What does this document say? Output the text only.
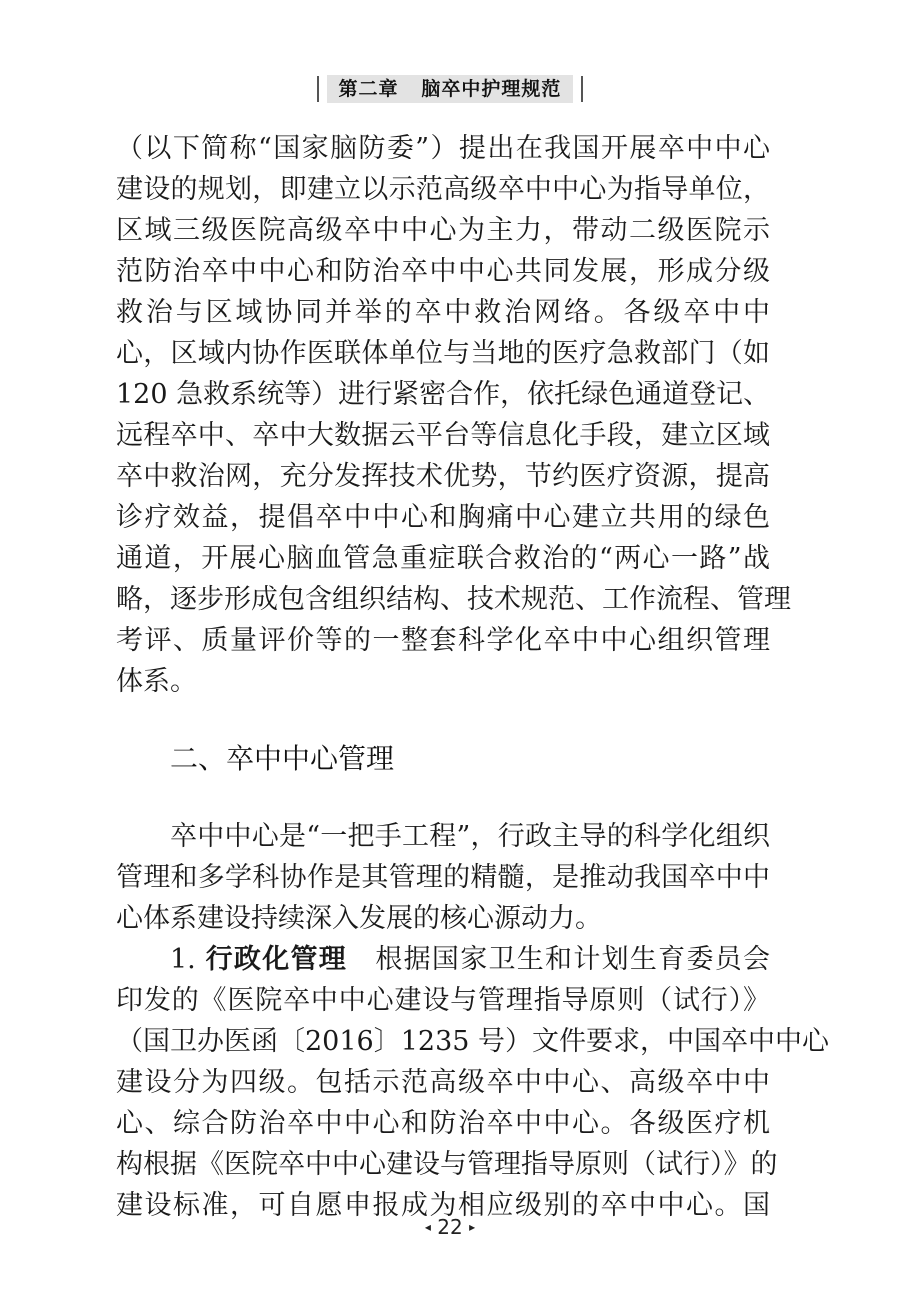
第二章 脑卒中护理规范
（以下简称“国家脑防委”）提出在我国开展卒中中心
建设的规划，即建立以示范高级卒中中心为指导单位，
区域三级医院高级卒中中心为主力，带动二级医院示
范防治卒中中心和防治卒中中心共同发展，形成分级
救治与区域协同并举的卒中救治网络。各级卒中中
心，区域内协作医联体单位与当地的医疗急救部门（如
120 急救系统等）进行紧密合作，依托绿色通道登记、
远程卒中、卒中大数据云平台等信息化手段，建立区域
卒中救治网，充分发挥技术优势，节约医疗资源，提高
诊疗效益，提倡卒中中心和胸痛中心建立共用的绿色
通道，开展心脑血管急重症联合救治的“两心一路”战
略，逐步形成包含组织结构、技术规范、工作流程、管理
考评、质量评价等的一整套科学化卒中中心组织管理
体系。
二、卒中中心管理
卒中中心是“一把手工程”，行政主导的科学化组织
管理和多学科协作是其管理的精髓，是推动我国卒中中
心体系建设持续深入发展的核心源动力。
1. 行政化管理　根据国家卫生和计划生育委员会
印发的《医院卒中中心建设与管理指导原则（试行）》
（国卫办医函〔2016〕1235 号）文件要求，中国卒中中心
建设分为四级。包括示范高级卒中中心、高级卒中中
心、综合防治卒中中心和防治卒中中心。各级医疗机
构根据《医院卒中中心建设与管理指导原则（试行）》的
建设标准，可自愿申报成为相应级别的卒中中心。国
◂ 22 ▸
